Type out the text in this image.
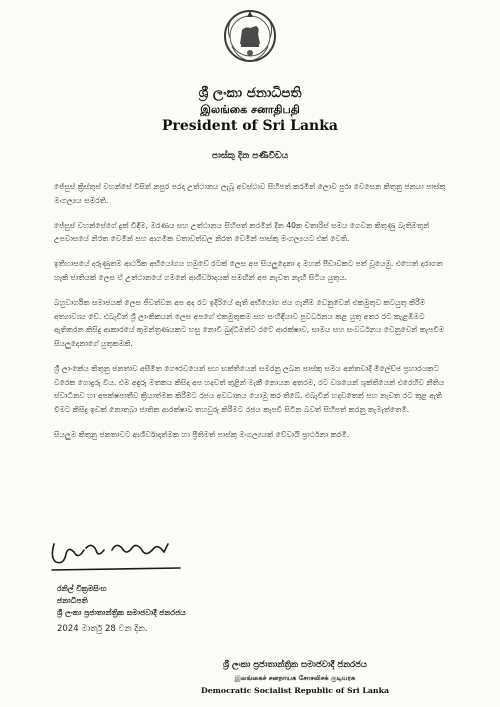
ශ්‍රී ලංකා ජනාධිපති
இலங்கை சனாதிபதி
President of Sri Lanka
පාස්කු දින පණිවිඩය

ජේසුස් ක්‍රිස්තුස් වහන්සේ විසින් නපුර පරදා උත්ථානය ලැබූ අවස්ථාව සිහිපත් කරමින් ලොව පුරා වෙසෙන කිතුනු ජනයා පාස්කු මංගල්‍යය සමරති.

ජේසුස් වහන්සේගේ දුක් විඳීම, මරණය සහ උත්ථානය සිහිපත් කරමින් දින 40ක චතාරිස් සමය ගෙවන කිතුණු බැතිමතුන් උපවාසයේ නිරත වෙමින් සහ ආගමික වතාවත්වල නිරත වෙමින් පාස්කු මංගල්‍යයට එක් වෙති.

ඉතිහාසයේ දරුණුතම ආර්ථික අභියෝගය හමුවේ රටක් ලෙස අප සියලුදෙනා ද මහත් පීඩාවකට පත් වූයෙමු. එහෙත් දරාගත හැකි ජාතියක් ලෙස ඒ උත්ථානයේ ගමනේ ආශීර්වාදයක් සමඟින් අප නැවත නැඟී සිටිය යුතුය.

බහුවාර්ගික සමාජයක් ලෙස ජීවත්වන අප අද රට ඉදිරියේ ඇති අභියෝග ජය ගැනීම වෙනුවෙන් එකමුතුව කටයුතු කිරීම අත්‍යාවශ්‍ය වේ. එබැවින් ශ්‍රී ලාංකිකයන් ලෙස අපගේ එකමුතුකම සහ සංහිඳියාව පුවර්ධනය කළ යුතු අතර රට කැළඹීමට ඇතිකරන කිසිදු ආකාරයේ කුමන්ත්‍රණයකට හසු නොවී බුද්ධිමත්ව රටේ ආරක්ෂාව, සාමය සහ සංවර්ධනය වෙනුවෙන් කැපවීම සියලුදෙනාගේ යුතුකමකි.

ශ්‍රී ලාංකේය කිතුනු ජනතාව අසීමිත ගෞරවයෙන් සහ භක්තියෙන් සමරනු ලබන පාස්කු සමය අන්තවාදී මිලේච්ඡ ප්‍රහාරයකට වරෙක ගොදුරු විය. එම අඳුරු මතකය කිසිදා අප හදවත් තුළින් මැකී නොයන අතරම, රට වශයෙන් ශුක්තියෙන් එරෙහිව නීතිය ස්වාධීනව හා අපක්ෂපාතීව ක්‍රියාත්මක කිරීමට රජය අවධානය යොමු කර තිබේ. එබැවින් හදවතෙන් සහ නැවත රට තුළ ඇති වීමට කිසිදු ඉඩක් නොතබා ජාතික ආරක්ෂාව තහවුරු කිරීමට රජය කැපවී සිටින බවත් සිහිපත් කරනු කැමැත්තෙමි.

සියලුම කිතුනු ජනතාවට ආශීර්වාදාත්මක හා ප්‍රීතිමත් පාස්කු මංගල්‍යයක් වේවායි ප්‍රාර්ථනා කරමි.

රනිල් වික්‍රමසිංහ
ජනාධිපති
ශ්‍රී ලංකා ප්‍රජාතාන්ත්‍රික සමාජවාදී ජනරජය
2024 මාර්තු 28 වන දින.
ශ්‍රී ලංකා ප්‍රජාතාන්ත්‍රික සමාජවාදී ජනරජය
இலங்கைச் சனநாயக சோசலிசக் குடியரசு
Democratic Socialist Republic of Sri Lanka
